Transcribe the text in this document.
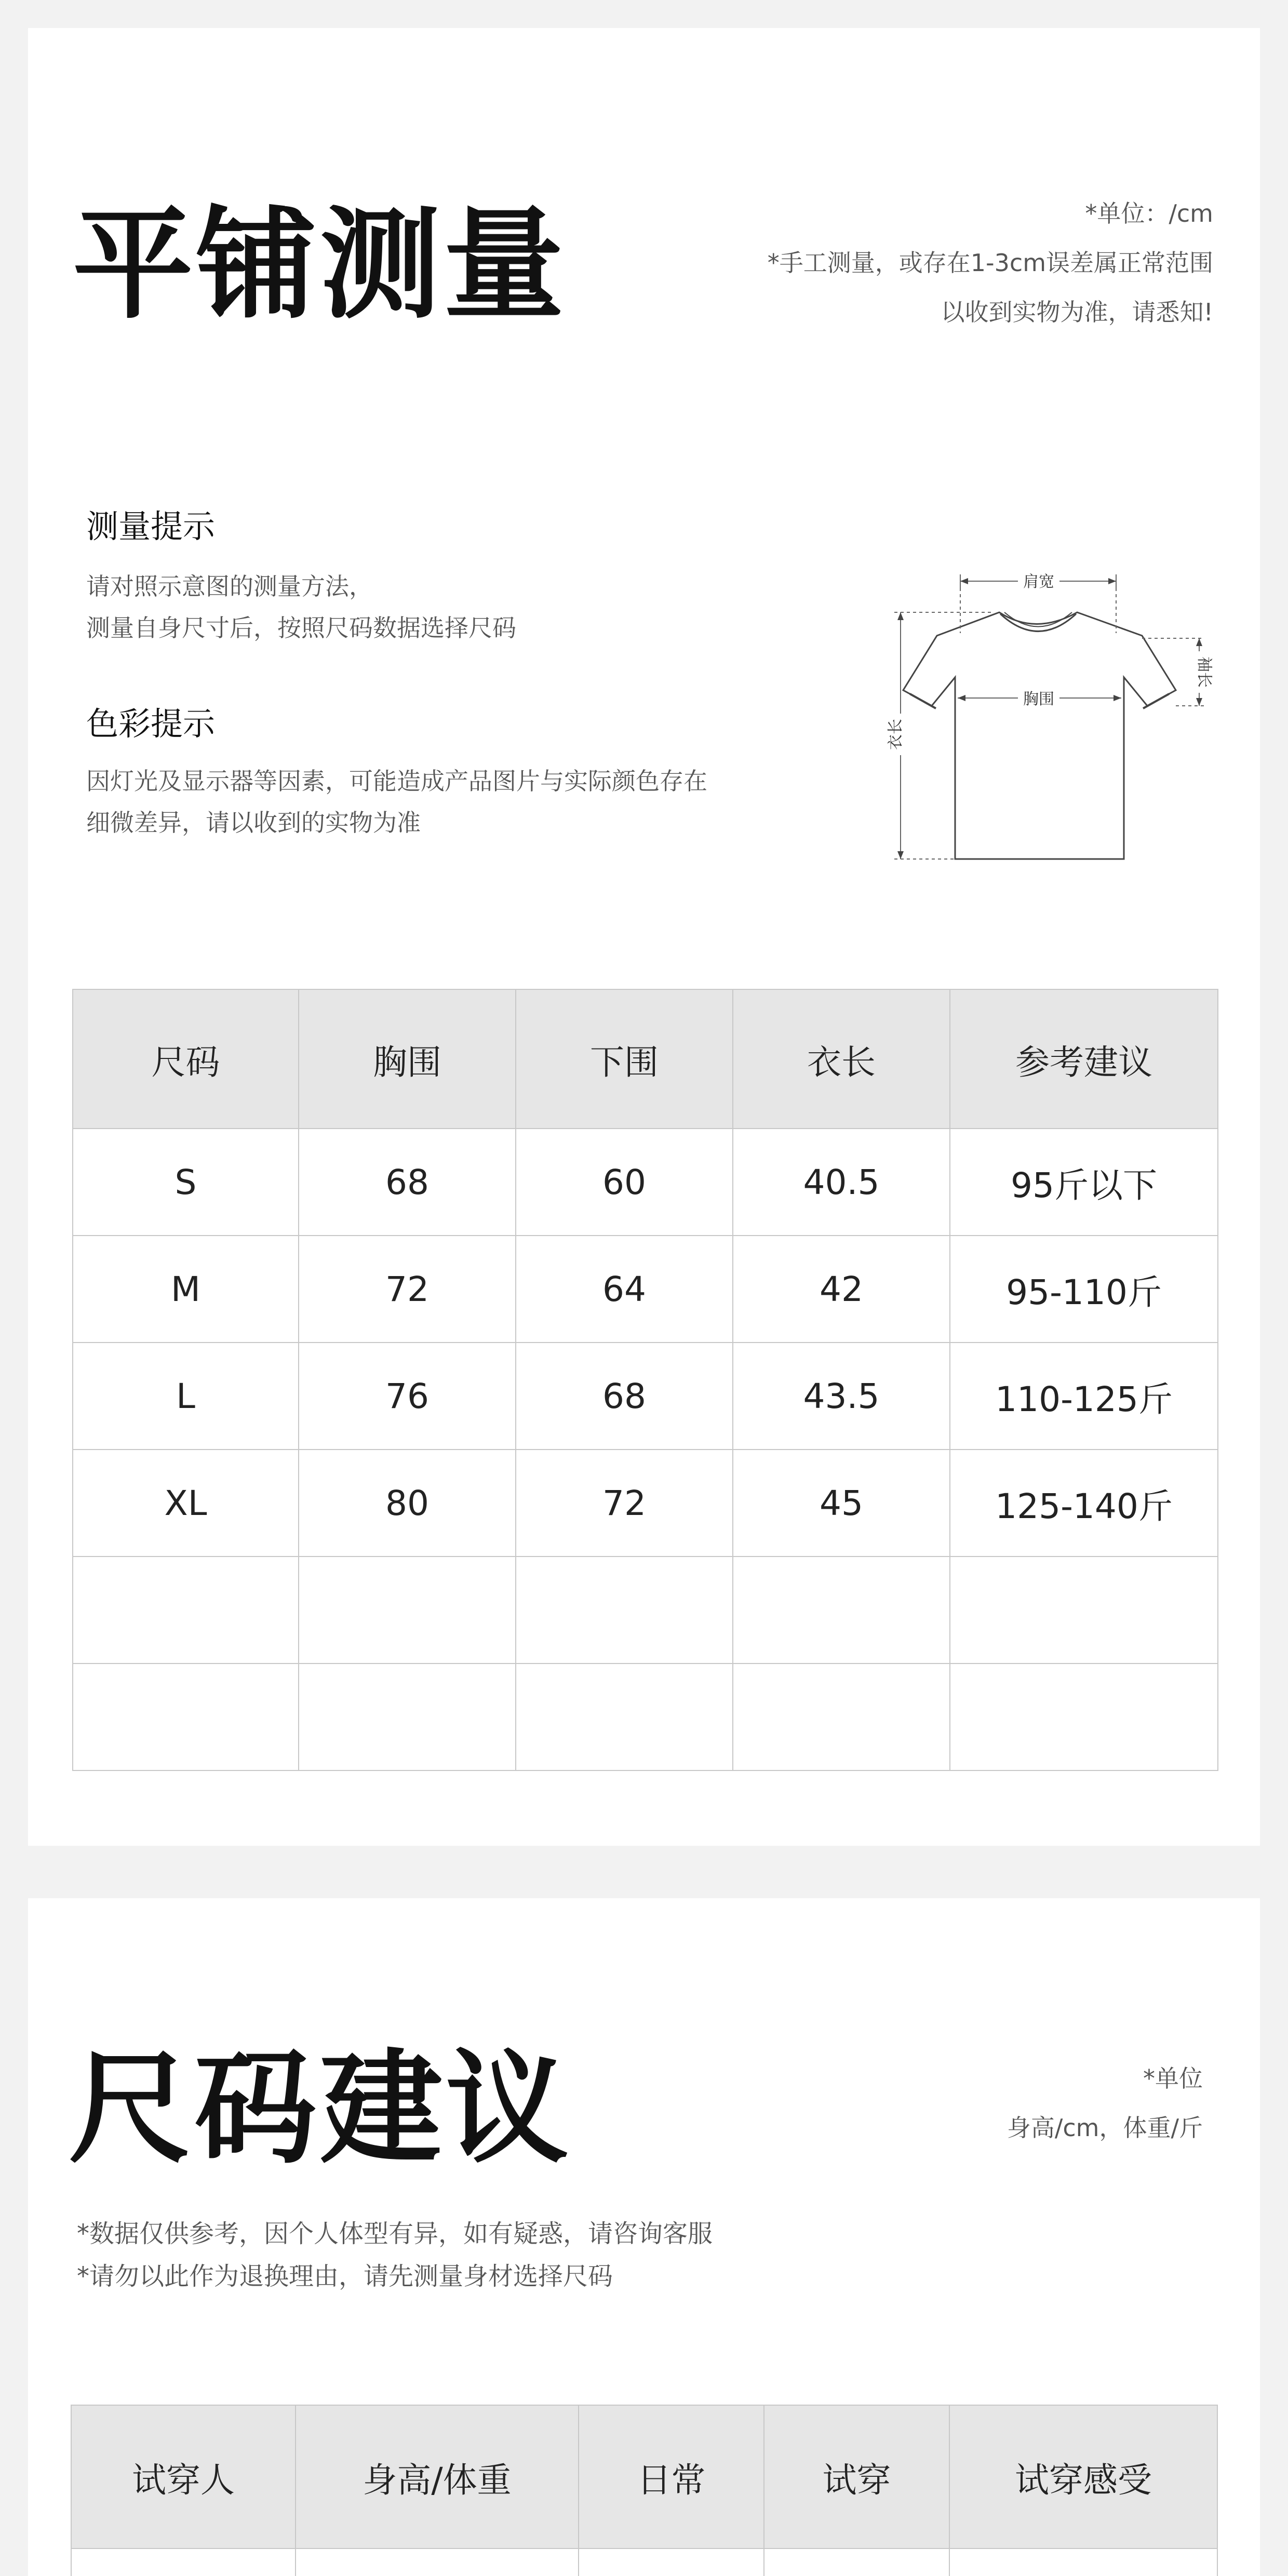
平铺测量	*单位：/cm
*手工测量，或存在1-3cm误差属正常范围
以收到实物为准，请悉知!
测量提示
请对照示意图的测量方法，
测量自身尺寸后，按照尺码数据选择尺码
色彩提示
因灯光及显示器等因素，可能造成产品图片与实际颜色存在
细微差异，请以收到的实物为准
肩宽
胸围
衣长
袖长
尺码	胸围	下围	衣长	参考建议
S	68	60	40.5	95斤以下
M	72	64	42	95-110斤
L	76	68	43.5	110-125斤
XL	80	72	45	125-140斤

尺码建议	*单位
身高/cm，体重/斤
*数据仅供参考，因个人体型有异，如有疑惑，请咨询客服
*请勿以此作为退换理由，请先测量身材选择尺码
试穿人	身高/体重	日常	试穿	试穿感受
